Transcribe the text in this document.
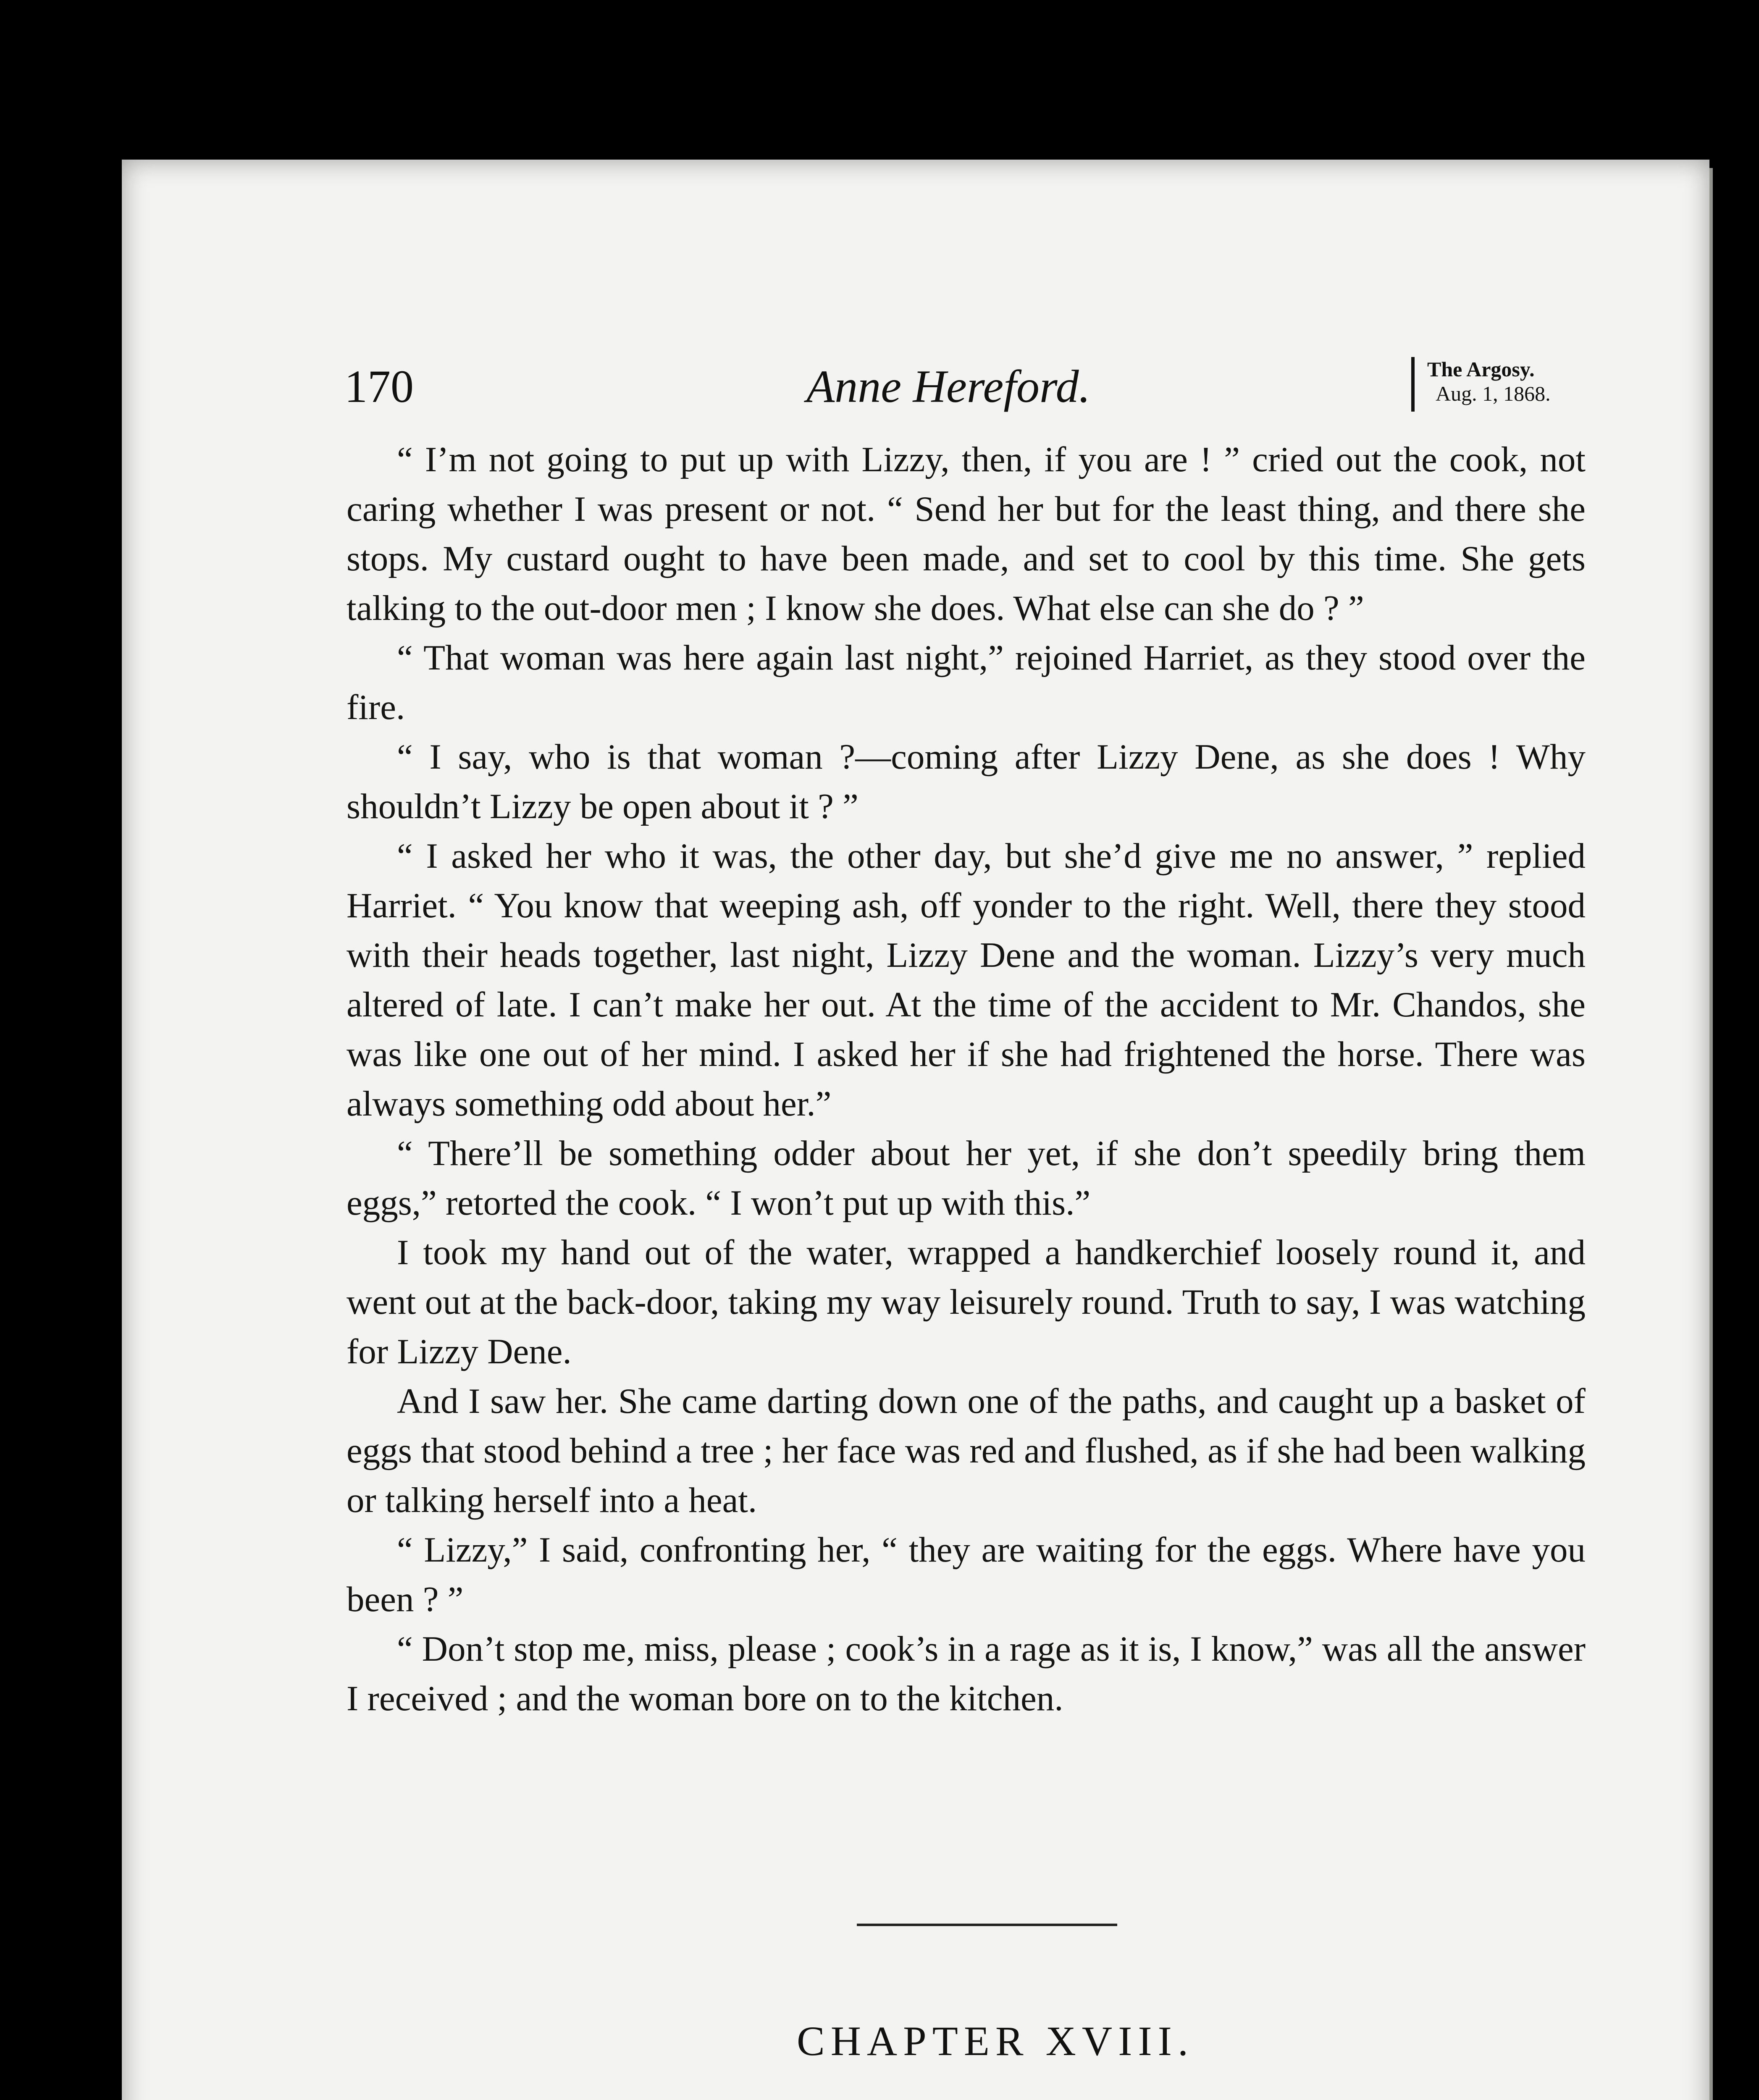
170	Anne Hereford.	The Argosy.
Aug. 1, 1868.

“ I’m not going to put up with Lizzy, then, if you are ! ” cried out the cook, not caring whether I was present or not. “ Send her but for the least thing, and there she stops. My custard ought to have been made, and set to cool by this time. She gets talking to the out-door men ; I know she does. What else can she do ? ”

“ That woman was here again last night,” rejoined Harriet, as they stood over the fire.

“ I say, who is that woman ?—coming after Lizzy Dene, as she does ! Why shouldn’t Lizzy be open about it ? ”

“ I asked her who it was, the other day, but she’d give me no answer, ” replied Harriet. “ You know that weeping ash, off yonder to the right. Well, there they stood with their heads together, last night, Lizzy Dene and the woman. Lizzy’s very much altered of late. I can’t make her out. At the time of the accident to Mr. Chandos, she was like one out of her mind. I asked her if she had frightened the horse. There was always something odd about her.”

“ There’ll be something odder about her yet, if she don’t speedily bring them eggs,” retorted the cook. “ I won’t put up with this.”

I took my hand out of the water, wrapped a handkerchief loosely round it, and went out at the back-door, taking my way leisurely round. Truth to say, I was watching for Lizzy Dene.

And I saw her. She came darting down one of the paths, and caught up a basket of eggs that stood behind a tree ; her face was red and flushed, as if she had been walking or talking herself into a heat.

“ Lizzy,” I said, confronting her, “ they are waiting for the eggs. Where have you been ? ”

“ Don’t stop me, miss, please ; cook’s in a rage as it is, I know,” was all the answer I received ; and the woman bore on to the kitchen.

CHAPTER XVIII.
